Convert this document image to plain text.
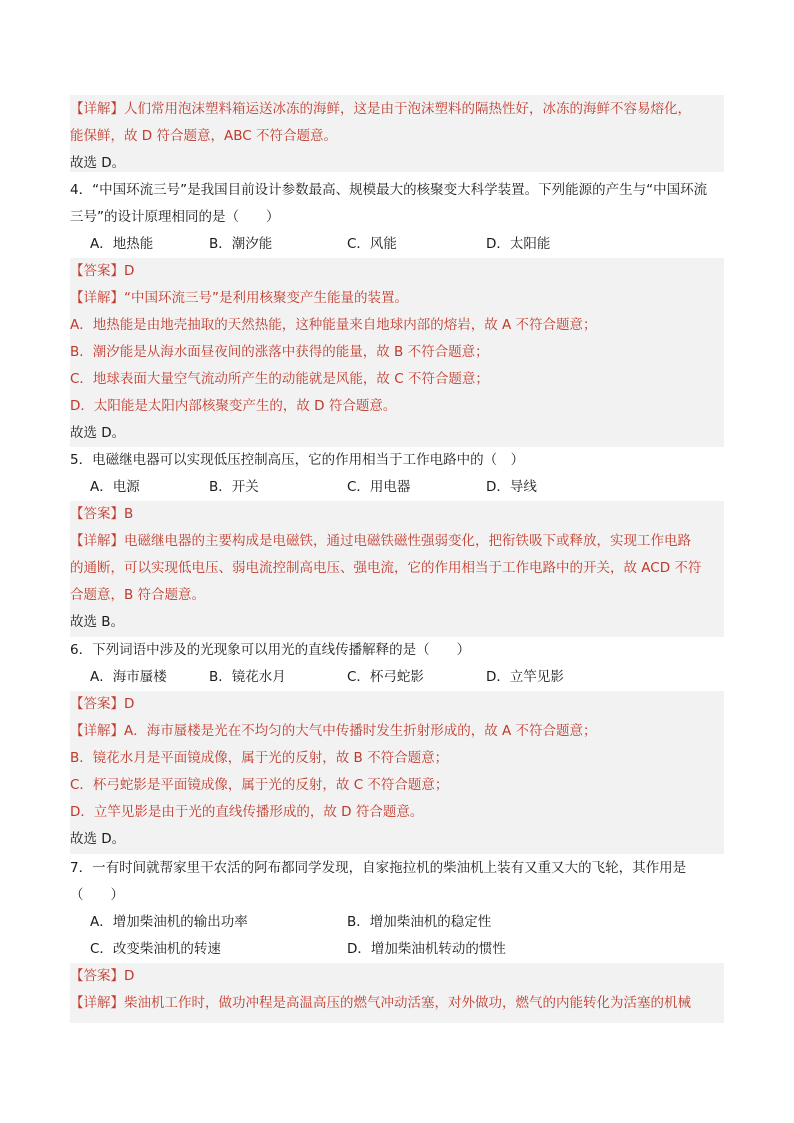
【详解】人们常用泡沫塑料箱运送冰冻的海鲜，这是由于泡沫塑料的隔热性好，冰冻的海鲜不容易熔化，
能保鲜，故 D 符合题意，ABC 不符合题意。
故选 D。
4．“中国环流三号”是我国目前设计参数最高、规模最大的核聚变大科学装置。下列能源的产生与“中国环流
三号”的设计原理相同的是（　　）
A．地热能	B．潮汐能	C．风能	D．太阳能
【答案】D
【详解】“中国环流三号”是利用核聚变产生能量的装置。
A．地热能是由地壳抽取的天然热能，这种能量来自地球内部的熔岩，故 A 不符合题意；
B．潮汐能是从海水面昼夜间的涨落中获得的能量，故 B 不符合题意；
C．地球表面大量空气流动所产生的动能就是风能，故 C 不符合题意；
D．太阳能是太阳内部核聚变产生的，故 D 符合题意。
故选 D。
5．电磁继电器可以实现低压控制高压，它的作用相当于工作电路中的（　）
A．电源	B．开关	C．用电器	D．导线
【答案】B
【详解】电磁继电器的主要构成是电磁铁，通过电磁铁磁性强弱变化，把衔铁吸下或释放，实现工作电路
的通断，可以实现低电压、弱电流控制高电压、强电流，它的作用相当于工作电路中的开关，故 ACD 不符
合题意，B 符合题意。
故选 B。
6．下列词语中涉及的光现象可以用光的直线传播解释的是（　　）
A．海市蜃楼	B．镜花水月	C．杯弓蛇影	D．立竿见影
【答案】D
【详解】A．海市蜃楼是光在不均匀的大气中传播时发生折射形成的，故 A 不符合题意；
B．镜花水月是平面镜成像，属于光的反射，故 B 不符合题意；
C．杯弓蛇影是平面镜成像，属于光的反射，故 C 不符合题意；
D．立竿见影是由于光的直线传播形成的，故 D 符合题意。
故选 D。
7．一有时间就帮家里干农活的阿布都同学发现，自家拖拉机的柴油机上装有又重又大的飞轮，其作用是
（　　）
A．增加柴油机的输出功率	B．增加柴油机的稳定性
C．改变柴油机的转速	D．增加柴油机转动的惯性
【答案】D
【详解】柴油机工作时，做功冲程是高温高压的燃气冲动活塞，对外做功，燃气的内能转化为活塞的机械
